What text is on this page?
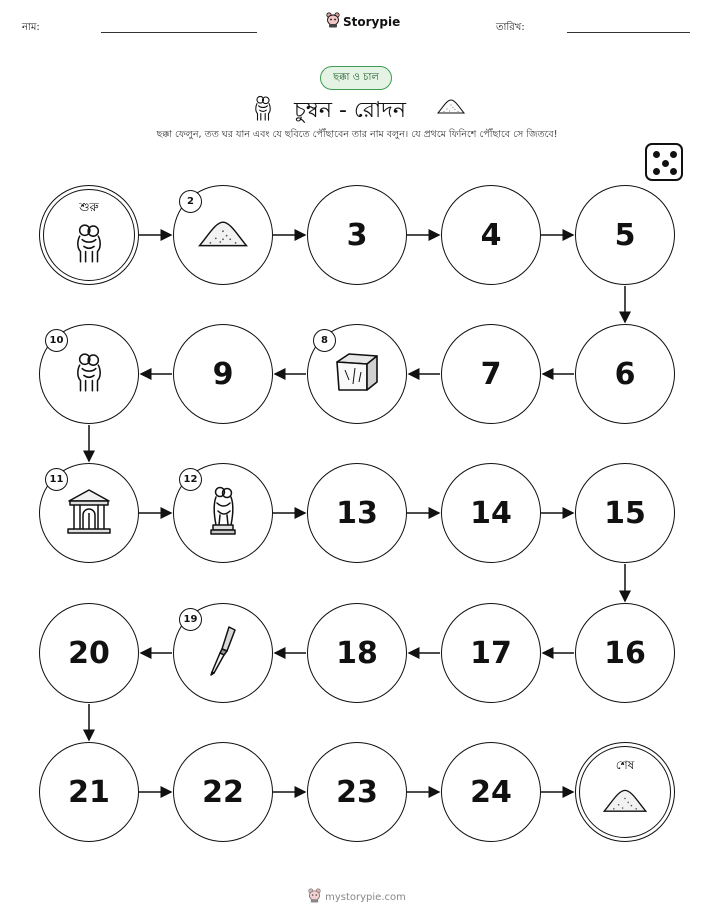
নাম:	Storypie	তারিখ:
ছক্কা ও চাল
চুম্বন - রোদন
ছক্কা ফেলুন, তত ঘর যান এবং যে ছবিতে পৌঁছাবেন তার নাম বলুন। যে প্রথমে ফিনিশে পৌঁছাবে সে জিতবে!
শুরু	2
3	4	5
10
9
8
7	6
11	12
13	14	15
20
19
18	17	16
21	22	23	24
শেষ
mystorypie.com
